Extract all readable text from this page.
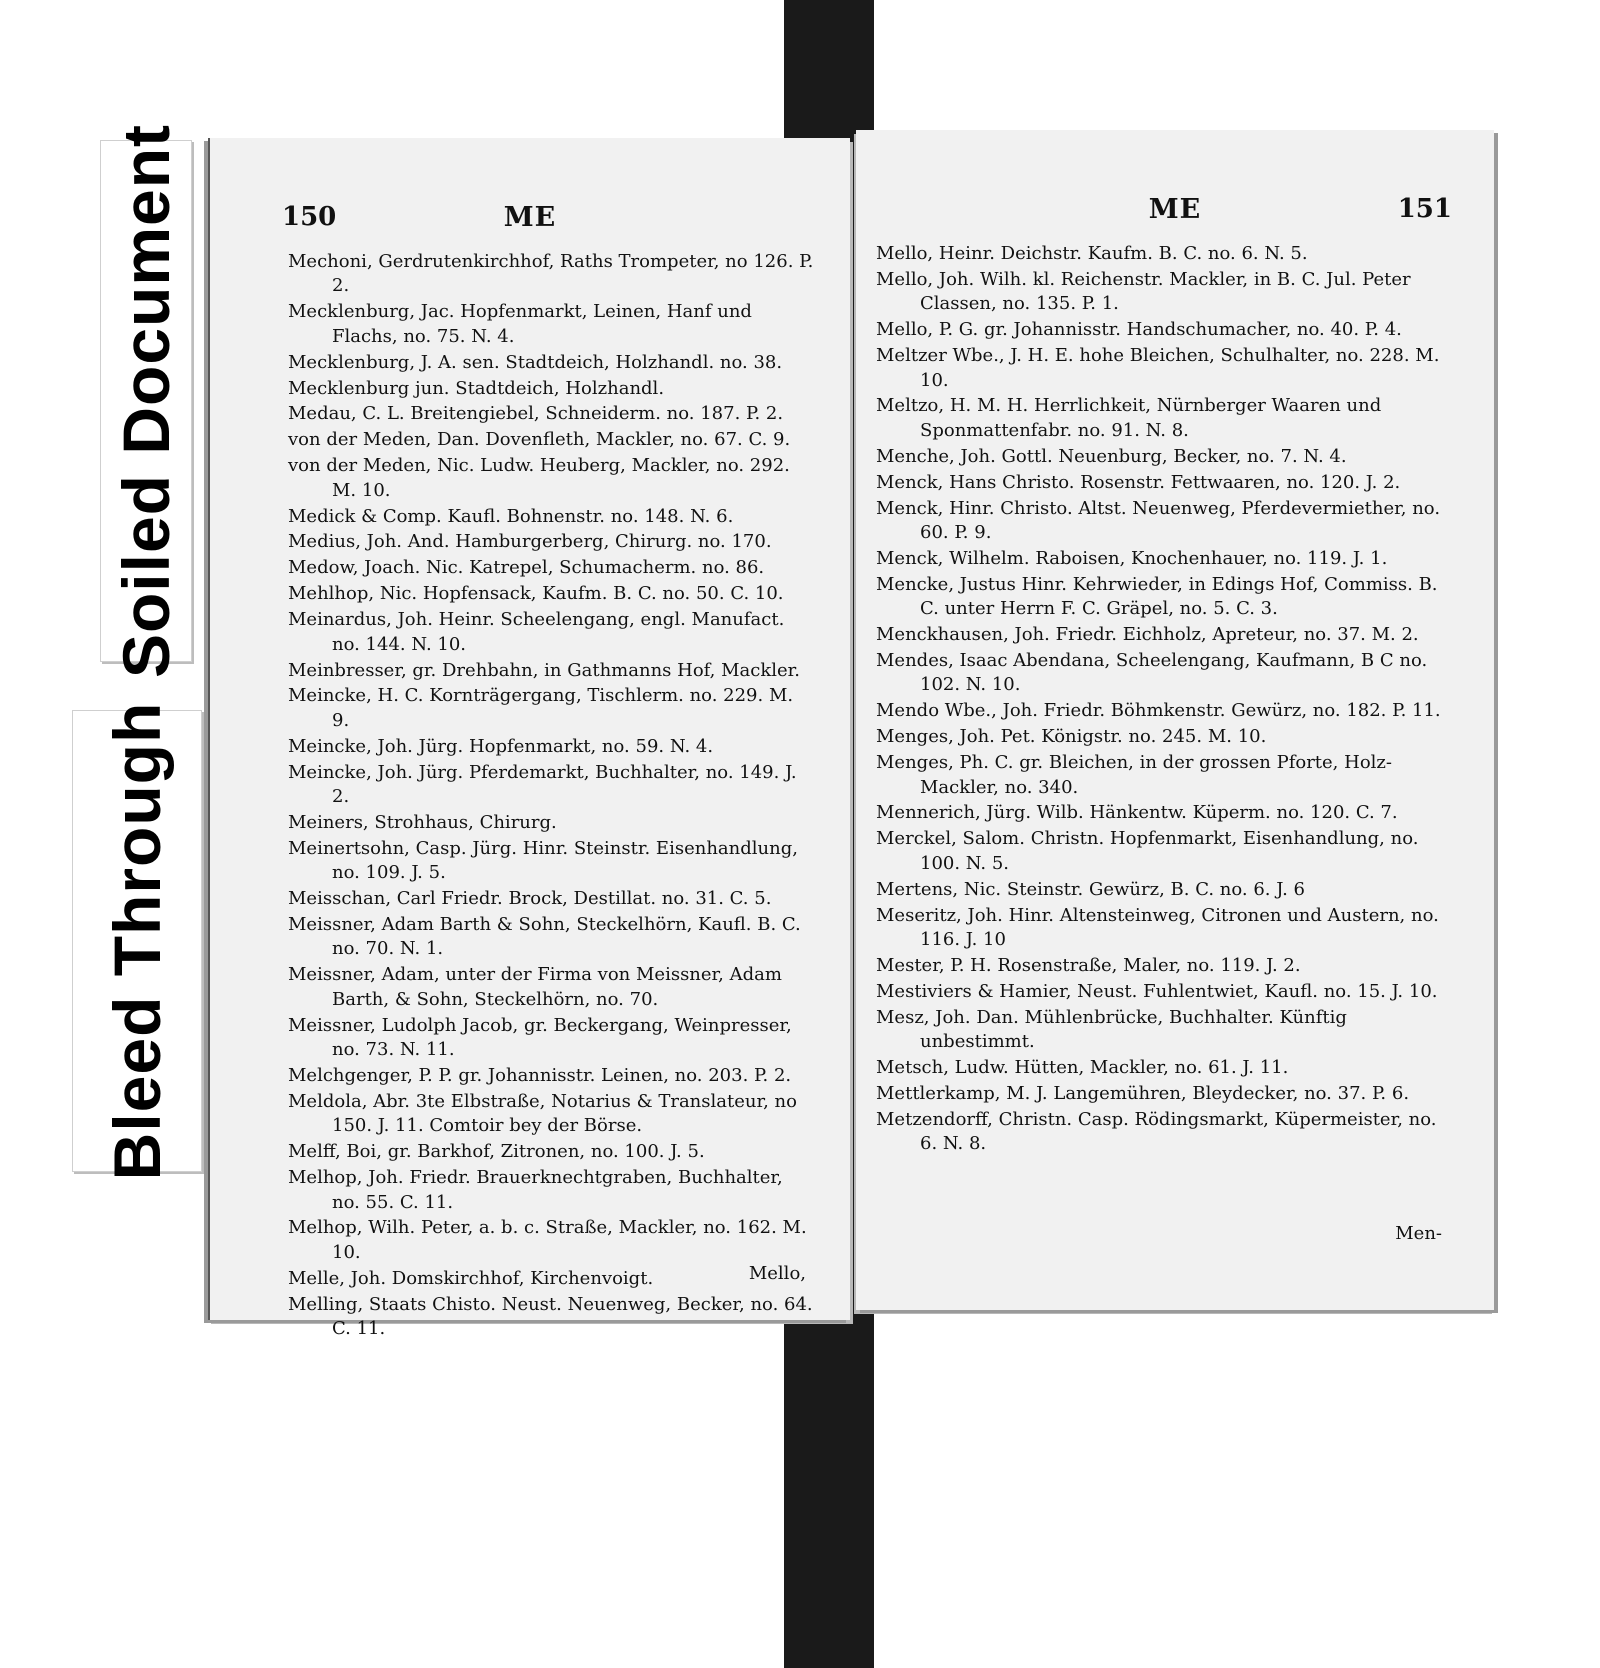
Soiled Document
Bleed Through
150	ME
Mechoni, Gerdrutenkirchhof, Raths Trompeter, no 126. P. 2.
Mecklenburg, Jac. Hopfenmarkt, Leinen, Hanf und Flachs, no. 75. N. 4.
Mecklenburg, J. A. sen. Stadtdeich, Holzhandl. no. 38.
Mecklenburg jun. Stadtdeich, Holzhandl.
Medau, C. L. Breitengiebel, Schneiderm. no. 187. P. 2.
von der Meden, Dan. Dovenfleth, Mackler, no. 67. C. 9.
von der Meden, Nic. Ludw. Heuberg, Mackler, no. 292. M. 10.
Medick & Comp. Kaufl. Bohnenstr. no. 148. N. 6.
Medius, Joh. And. Hamburgerberg, Chirurg. no. 170.
Medow, Joach. Nic. Katrepel, Schumacherm. no. 86.
Mehlhop, Nic. Hopfensack, Kaufm. B. C. no. 50. C. 10.
Meinardus, Joh. Heinr. Scheelengang, engl. Manufact. no. 144. N. 10.
Meinbresser, gr. Drehbahn, in Gathmanns Hof, Mackler.
Meincke, H. C. Kornträgergang, Tischlerm. no. 229. M. 9.
Meincke, Joh. Jürg. Hopfenmarkt, no. 59. N. 4.
Meincke, Joh. Jürg. Pferdemarkt, Buchhalter, no. 149. J. 2.
Meiners, Strohhaus, Chirurg.
Meinertsohn, Casp. Jürg. Hinr. Steinstr. Eisenhandlung, no. 109. J. 5.
Meisschan, Carl Friedr. Brock, Destillat. no. 31. C. 5.
Meissner, Adam Barth & Sohn, Steckelhörn, Kaufl. B. C. no. 70. N. 1.
Meissner, Adam, unter der Firma von Meissner, Adam Barth, & Sohn, Steckelhörn, no. 70.
Meissner, Ludolph Jacob, gr. Beckergang, Weinpresser, no. 73. N. 11.
Melchgenger, P. P. gr. Johannisstr. Leinen, no. 203. P. 2.
Meldola, Abr. 3te Elbstraße, Notarius & Translateur, no 150. J. 11. Comtoir bey der Börse.
Melff, Boi, gr. Barkhof, Zitronen, no. 100. J. 5.
Melhop, Joh. Friedr. Brauerknechtgraben, Buchhalter, no. 55. C. 11.
Melhop, Wilh. Peter, a. b. c. Straße, Mackler, no. 162. M. 10.
Melle, Joh. Domskirchhof, Kirchenvoigt.
Melling, Staats Chisto. Neust. Neuenweg, Becker, no. 64. C. 11.
Mello,
ME	151
Mello, Heinr. Deichstr. Kaufm. B. C. no. 6. N. 5.
Mello, Joh. Wilh. kl. Reichenstr. Mackler, in B. C. Jul. Peter Classen, no. 135. P. 1.
Mello, P. G. gr. Johannisstr. Handschumacher, no. 40. P. 4.
Meltzer Wbe., J. H. E. hohe Bleichen, Schulhalter, no. 228. M. 10.
Meltzo, H. M. H. Herrlichkeit, Nürnberger Waaren und Sponmattenfabr. no. 91. N. 8.
Menche, Joh. Gottl. Neuenburg, Becker, no. 7. N. 4.
Menck, Hans Christo. Rosenstr. Fettwaaren, no. 120. J. 2.
Menck, Hinr. Christo. Altst. Neuenweg, Pferdevermiether, no. 60. P. 9.
Menck, Wilhelm. Raboisen, Knochenhauer, no. 119. J. 1.
Mencke, Justus Hinr. Kehrwieder, in Edings Hof, Commiss. B. C. unter Herrn F. C. Gräpel, no. 5. C. 3.
Menckhausen, Joh. Friedr. Eichholz, Apreteur, no. 37. M. 2.
Mendes, Isaac Abendana, Scheelengang, Kaufmann, B C no. 102. N. 10.
Mendo Wbe., Joh. Friedr. Böhmkenstr. Gewürz, no. 182. P. 11.
Menges, Joh. Pet. Königstr. no. 245. M. 10.
Menges, Ph. C. gr. Bleichen, in der grossen Pforte, Holz-Mackler, no. 340.
Mennerich, Jürg. Wilb. Hänkentw. Küperm. no. 120. C. 7.
Merckel, Salom. Christn. Hopfenmarkt, Eisenhandlung, no. 100. N. 5.
Mertens, Nic. Steinstr. Gewürz, B. C. no. 6. J. 6
Meseritz, Joh. Hinr. Altensteinweg, Citronen und Austern, no. 116. J. 10
Mester, P. H. Rosenstraße, Maler, no. 119. J. 2.
Mestiviers & Hamier, Neust. Fuhlentwiet, Kaufl. no. 15. J. 10.
Mesz, Joh. Dan. Mühlenbrücke, Buchhalter. Künftig unbestimmt.
Metsch, Ludw. Hütten, Mackler, no. 61. J. 11.
Mettlerkamp, M. J. Langemühren, Bleydecker, no. 37. P. 6.
Metzendorff, Christn. Casp. Rödingsmarkt, Küpermeister, no. 6. N. 8.
Men-
